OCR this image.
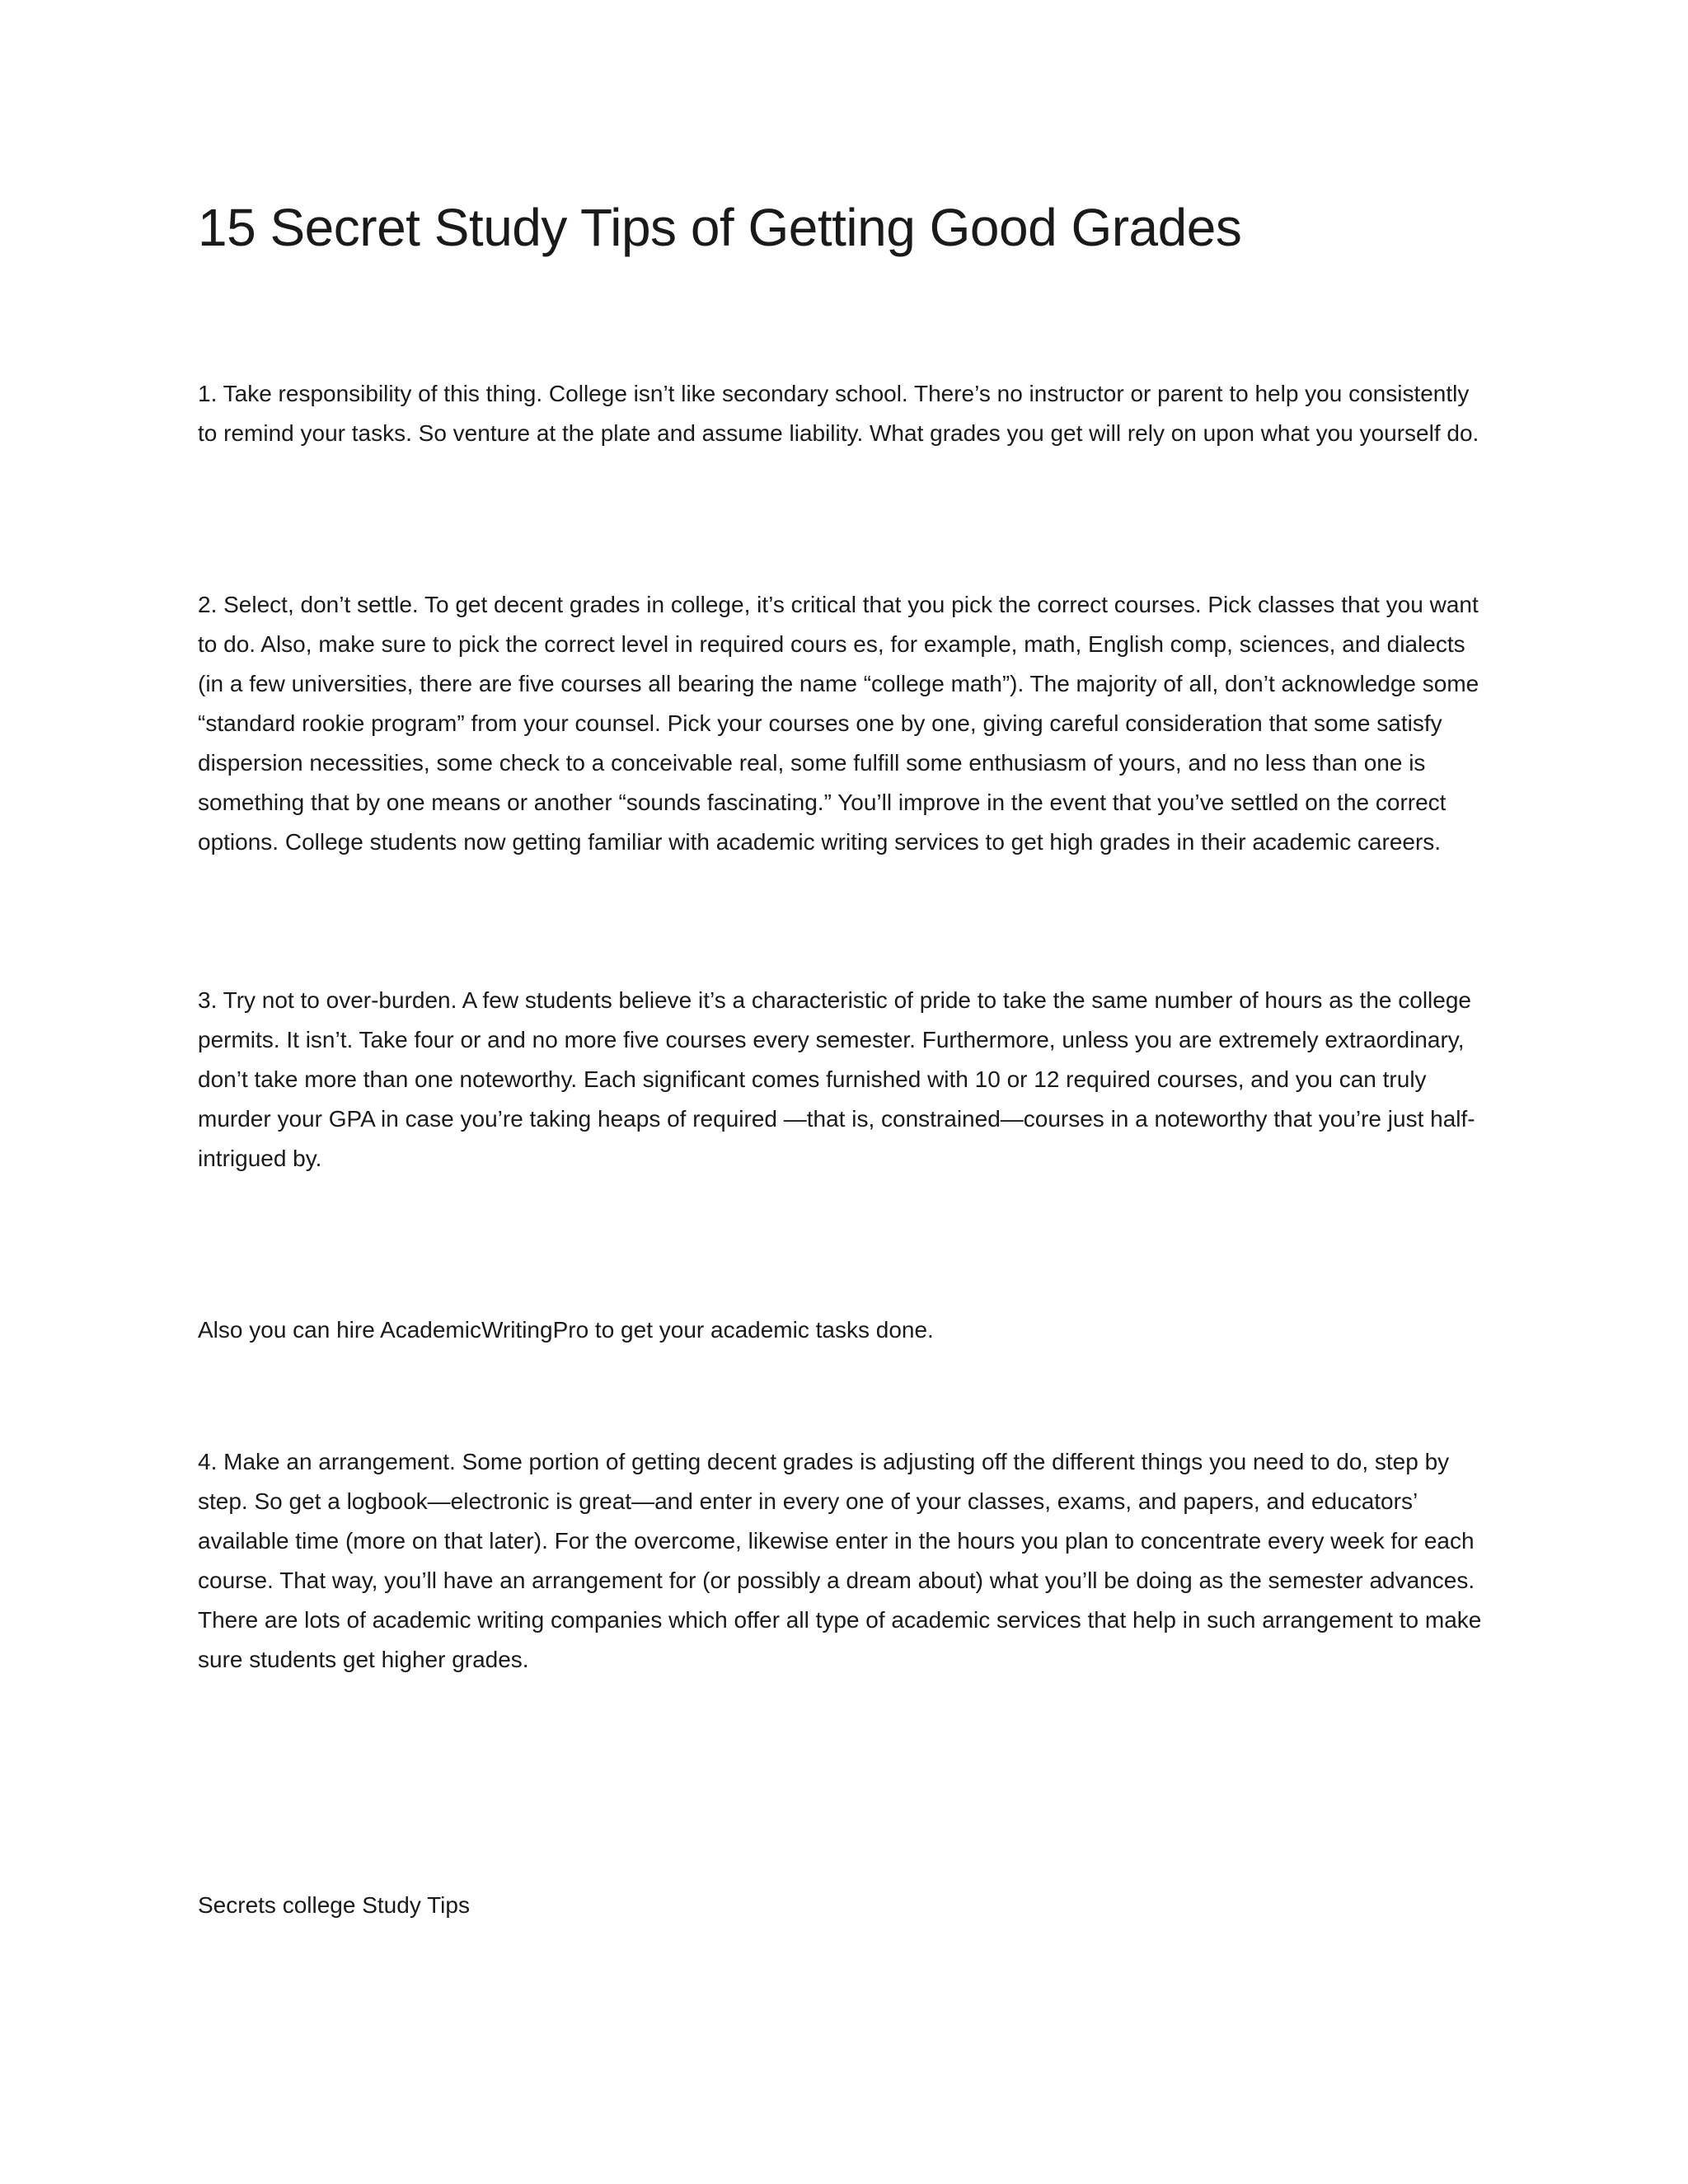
15 Secret Study Tips of Getting Good Grades

1. Take responsibility of this thing. College isn’t like secondary school. There’s no instructor or parent to help you consistently to remind your tasks. So venture at the plate and assume liability. What grades you get will rely on upon what you yourself do.

2. Select, don’t settle. To get decent grades in college, it’s critical that you pick the correct courses. Pick classes that you want to do. Also, make sure to pick the correct level in required cours es, for example, math, English comp, sciences, and dialects (in a few universities, there are five courses all bearing the name “college math”). The majority of all, don’t acknowledge some “standard rookie program” from your counsel. Pick your courses one by one, giving careful consideration that some satisfy dispersion necessities, some check to a conceivable real, some fulfill some enthusiasm of yours, and no less than one is something that by one means or another “sounds fascinating.” You’ll improve in the event that you’ve settled on the correct options. College students now getting familiar with academic writing services to get high grades in their academic careers.

3. Try not to over-burden. A few students believe it’s a characteristic of pride to take the same number of hours as the college permits. It isn’t. Take four or and no more five courses every semester. Furthermore, unless you are extremely extraordinary, don’t take more than one noteworthy. Each significant comes furnished with 10 or 12 required courses, and you can truly murder your GPA in case you’re taking heaps of required —that is, constrained—courses in a noteworthy that you’re just half-intrigued by.

Also you can hire AcademicWritingPro to get your academic tasks done.

4. Make an arrangement. Some portion of getting decent grades is adjusting off the different things you need to do, step by step. So get a logbook—electronic is great—and enter in every one of your classes, exams, and papers, and educators’ available time (more on that later). For the overcome, likewise enter in the hours you plan to concentrate every week for each course. That way, you’ll have an arrangement for (or possibly a dream about) what you’ll be doing as the semester advances. There are lots of academic writing companies which offer all type of academic services that help in such arrangement to make sure students get higher grades.

Secrets college Study Tips
